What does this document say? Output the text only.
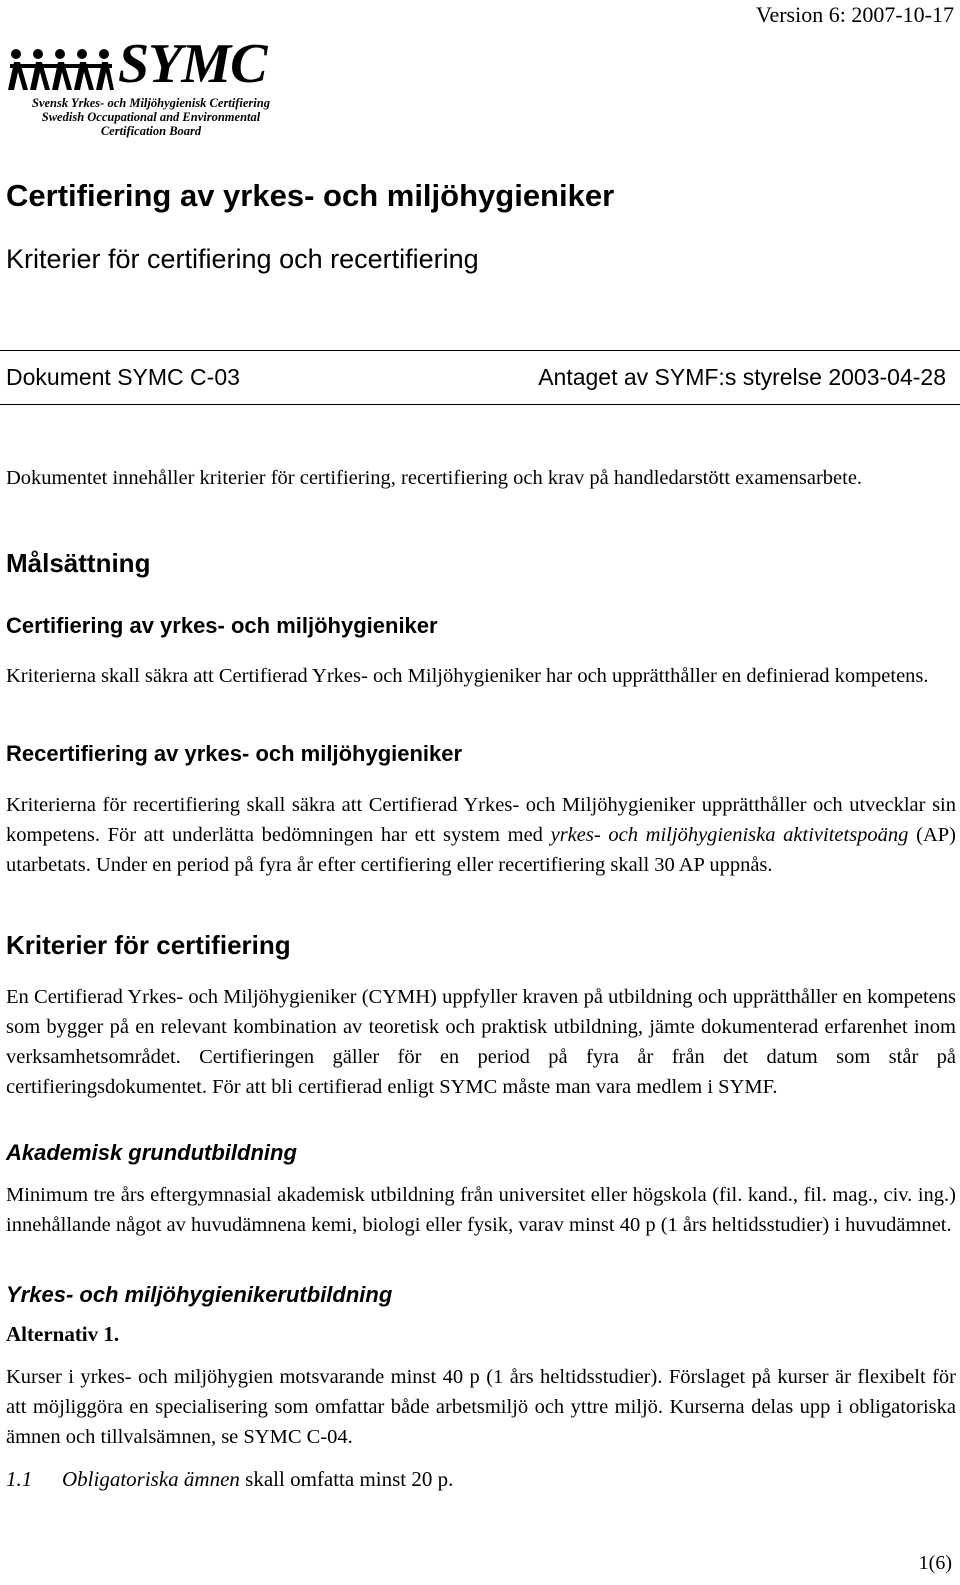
Version 6: 2007-10-17
SYMC
Svensk Yrkes- och Miljöhygienisk Certifiering
Swedish Occupational and Environmental
Certification Board
Certifiering av yrkes- och miljöhygieniker
Kriterier för certifiering och recertifiering
Dokument SYMC C-03	Antaget av SYMF:s styrelse 2003-04-28

Dokumentet innehåller kriterier för certifiering, recertifiering och krav på handledarstött examensarbete.

Målsättning
Certifiering av yrkes- och miljöhygieniker

Kriterierna skall säkra att Certifierad Yrkes- och Miljöhygieniker har och upprätthåller en definierad kompetens.

Recertifiering av yrkes- och miljöhygieniker

Kriterierna för recertifiering skall säkra att Certifierad Yrkes- och Miljöhygieniker upprätthåller och utvecklar sin kompetens. För att underlätta bedömningen har ett system med yrkes- och miljöhygieniska aktivitetspoäng (AP) utarbetats. Under en period på fyra år efter certifiering eller recertifiering skall 30 AP uppnås.

Kriterier för certifiering

En Certifierad Yrkes- och Miljöhygieniker (CYMH) uppfyller kraven på utbildning och upprätthåller en kompetens som bygger på en relevant kombination av teoretisk och praktisk utbildning, jämte dokumenterad erfarenhet inom verksamhetsområdet. Certifieringen gäller för en period på fyra år från det datum som står på certifieringsdokumentet. För att bli certifierad enligt SYMC måste man vara medlem i SYMF.

Akademisk grundutbildning

Minimum tre års eftergymnasial akademisk utbildning från universitet eller högskola (fil. kand., fil. mag., civ. ing.) innehållande något av huvudämnena kemi, biologi eller fysik, varav minst 40 p (1 års heltidsstudier) i huvudämnet.

Yrkes- och miljöhygienikerutbildning
Alternativ 1.

Kurser i yrkes- och miljöhygien motsvarande minst 40 p (1 års heltidsstudier). Förslaget på kurser är flexibelt för att möjliggöra en specialisering som omfattar både arbetsmiljö och yttre miljö. Kurserna delas upp i obligatoriska ämnen och tillvalsämnen, se SYMC C-04.

1.1 Obligatoriska ämnen skall omfatta minst 20 p.
1(6)
